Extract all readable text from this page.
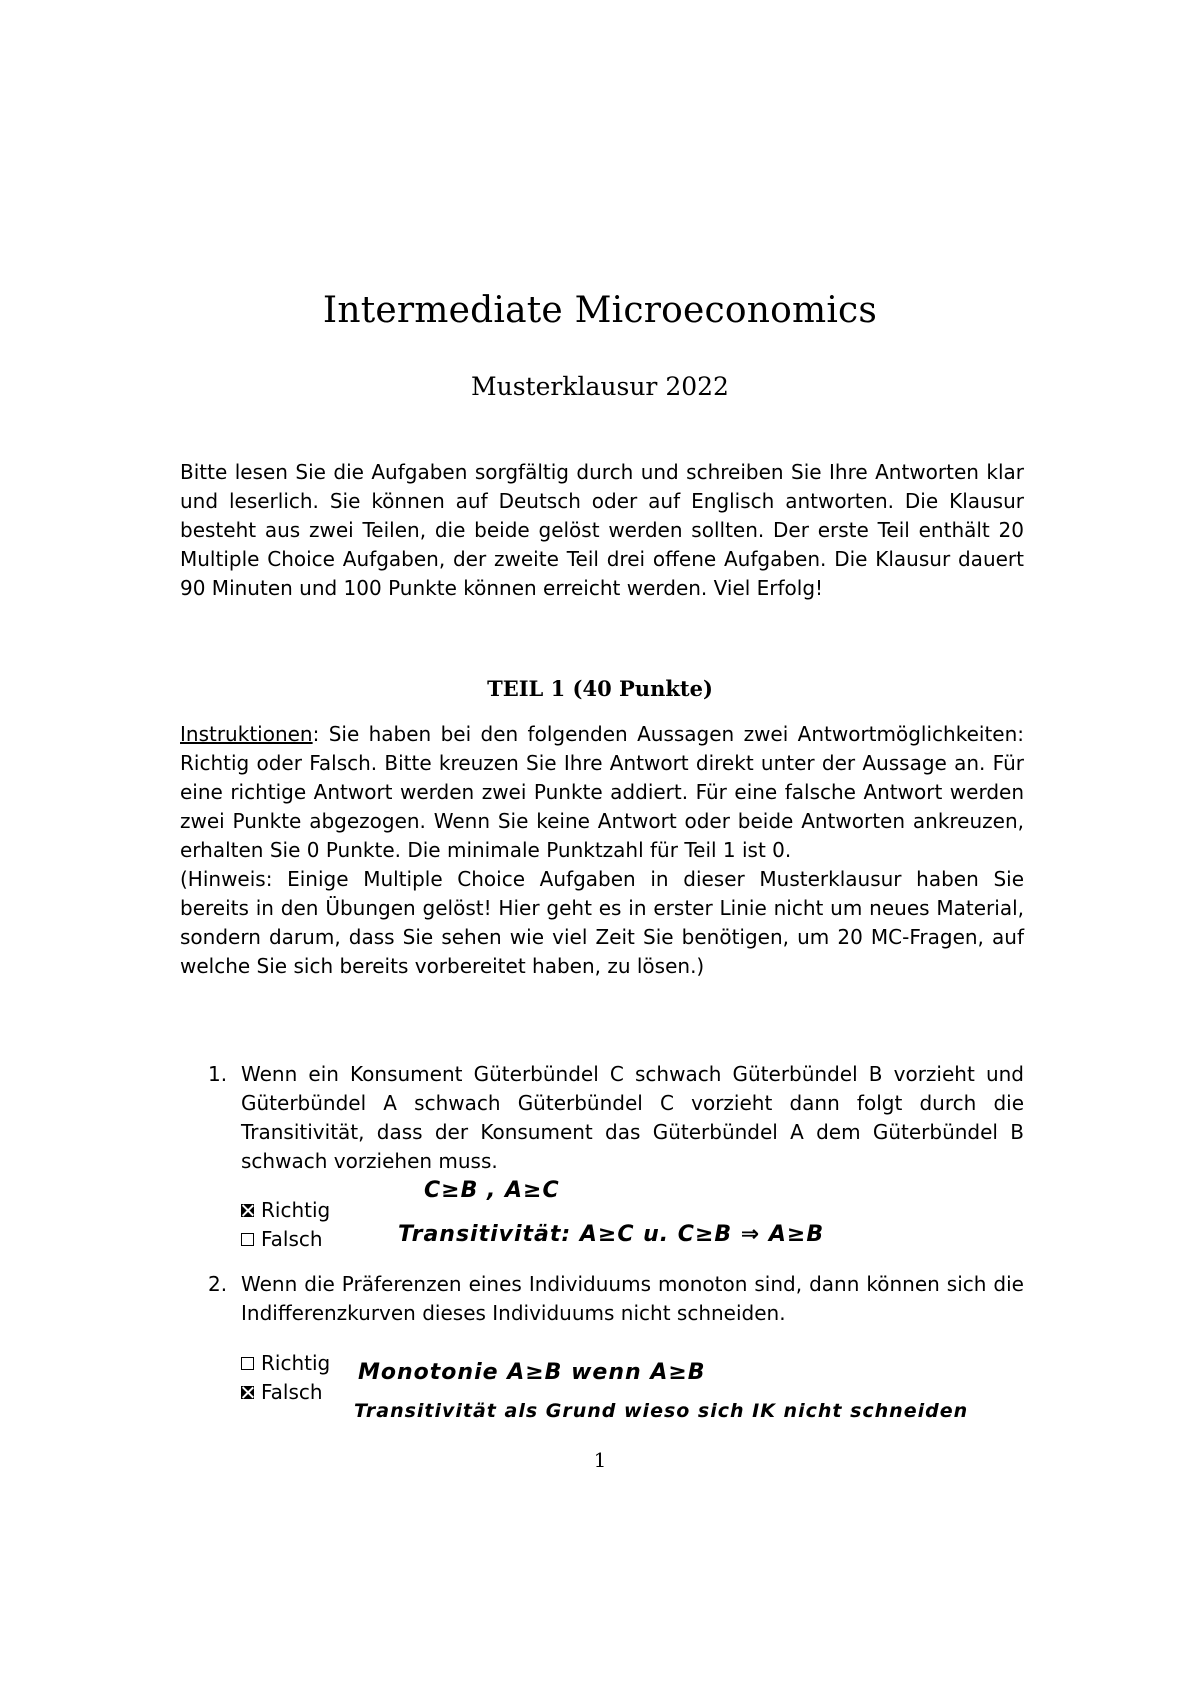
Intermediate Microeconomics
Musterklausur 2022
Bitte lesen Sie die Aufgaben sorgfältig durch und schreiben Sie Ihre Antworten klar und leserlich. Sie können auf Deutsch oder auf Englisch antworten. Die Klausur besteht aus zwei Teilen, die beide gelöst werden sollten. Der erste Teil enthält 20 Multiple Choice Aufgaben, der zweite Teil drei offene Aufgaben. Die Klausur dauert 90 Minuten und 100 Punkte können erreicht werden. Viel Erfolg!
TEIL 1 (40 Punkte)
Instruktionen: Sie haben bei den folgenden Aussagen zwei Antwortmöglichkeiten: Richtig oder Falsch. Bitte kreuzen Sie Ihre Antwort direkt unter der Aussage an. Für eine richtige Antwort werden zwei Punkte addiert. Für eine falsche Antwort werden zwei Punkte abgezogen. Wenn Sie keine Antwort oder beide Antworten ankreuzen, erhalten Sie 0 Punkte. Die minimale Punktzahl für Teil 1 ist 0.
(Hinweis: Einige Multiple Choice Aufgaben in dieser Musterklausur haben Sie bereits in den Übungen gelöst! Hier geht es in erster Linie nicht um neues Material, sondern darum, dass Sie sehen wie viel Zeit Sie benötigen, um 20 MC-Fragen, auf welche Sie sich bereits vorbereitet haben, zu lösen.)
1. Wenn ein Konsument Güterbündel C schwach Güterbündel B vorzieht und Güterbündel A schwach Güterbündel C vorzieht dann folgt durch die Transitivität, dass der Konsument das Güterbündel A dem Güterbündel B schwach vorziehen muss.
Richtig
Falsch
C≥B , A≥C
Transitivität: A≥C u. C≥B ⇒ A≥B
2. Wenn die Präferenzen eines Individuums monoton sind, dann können sich die Indifferenzkurven dieses Individuums nicht schneiden.
Richtig
Falsch
Monotonie A≥B wenn A≥B
Transitivität als Grund wieso sich IK nicht schneiden
1
